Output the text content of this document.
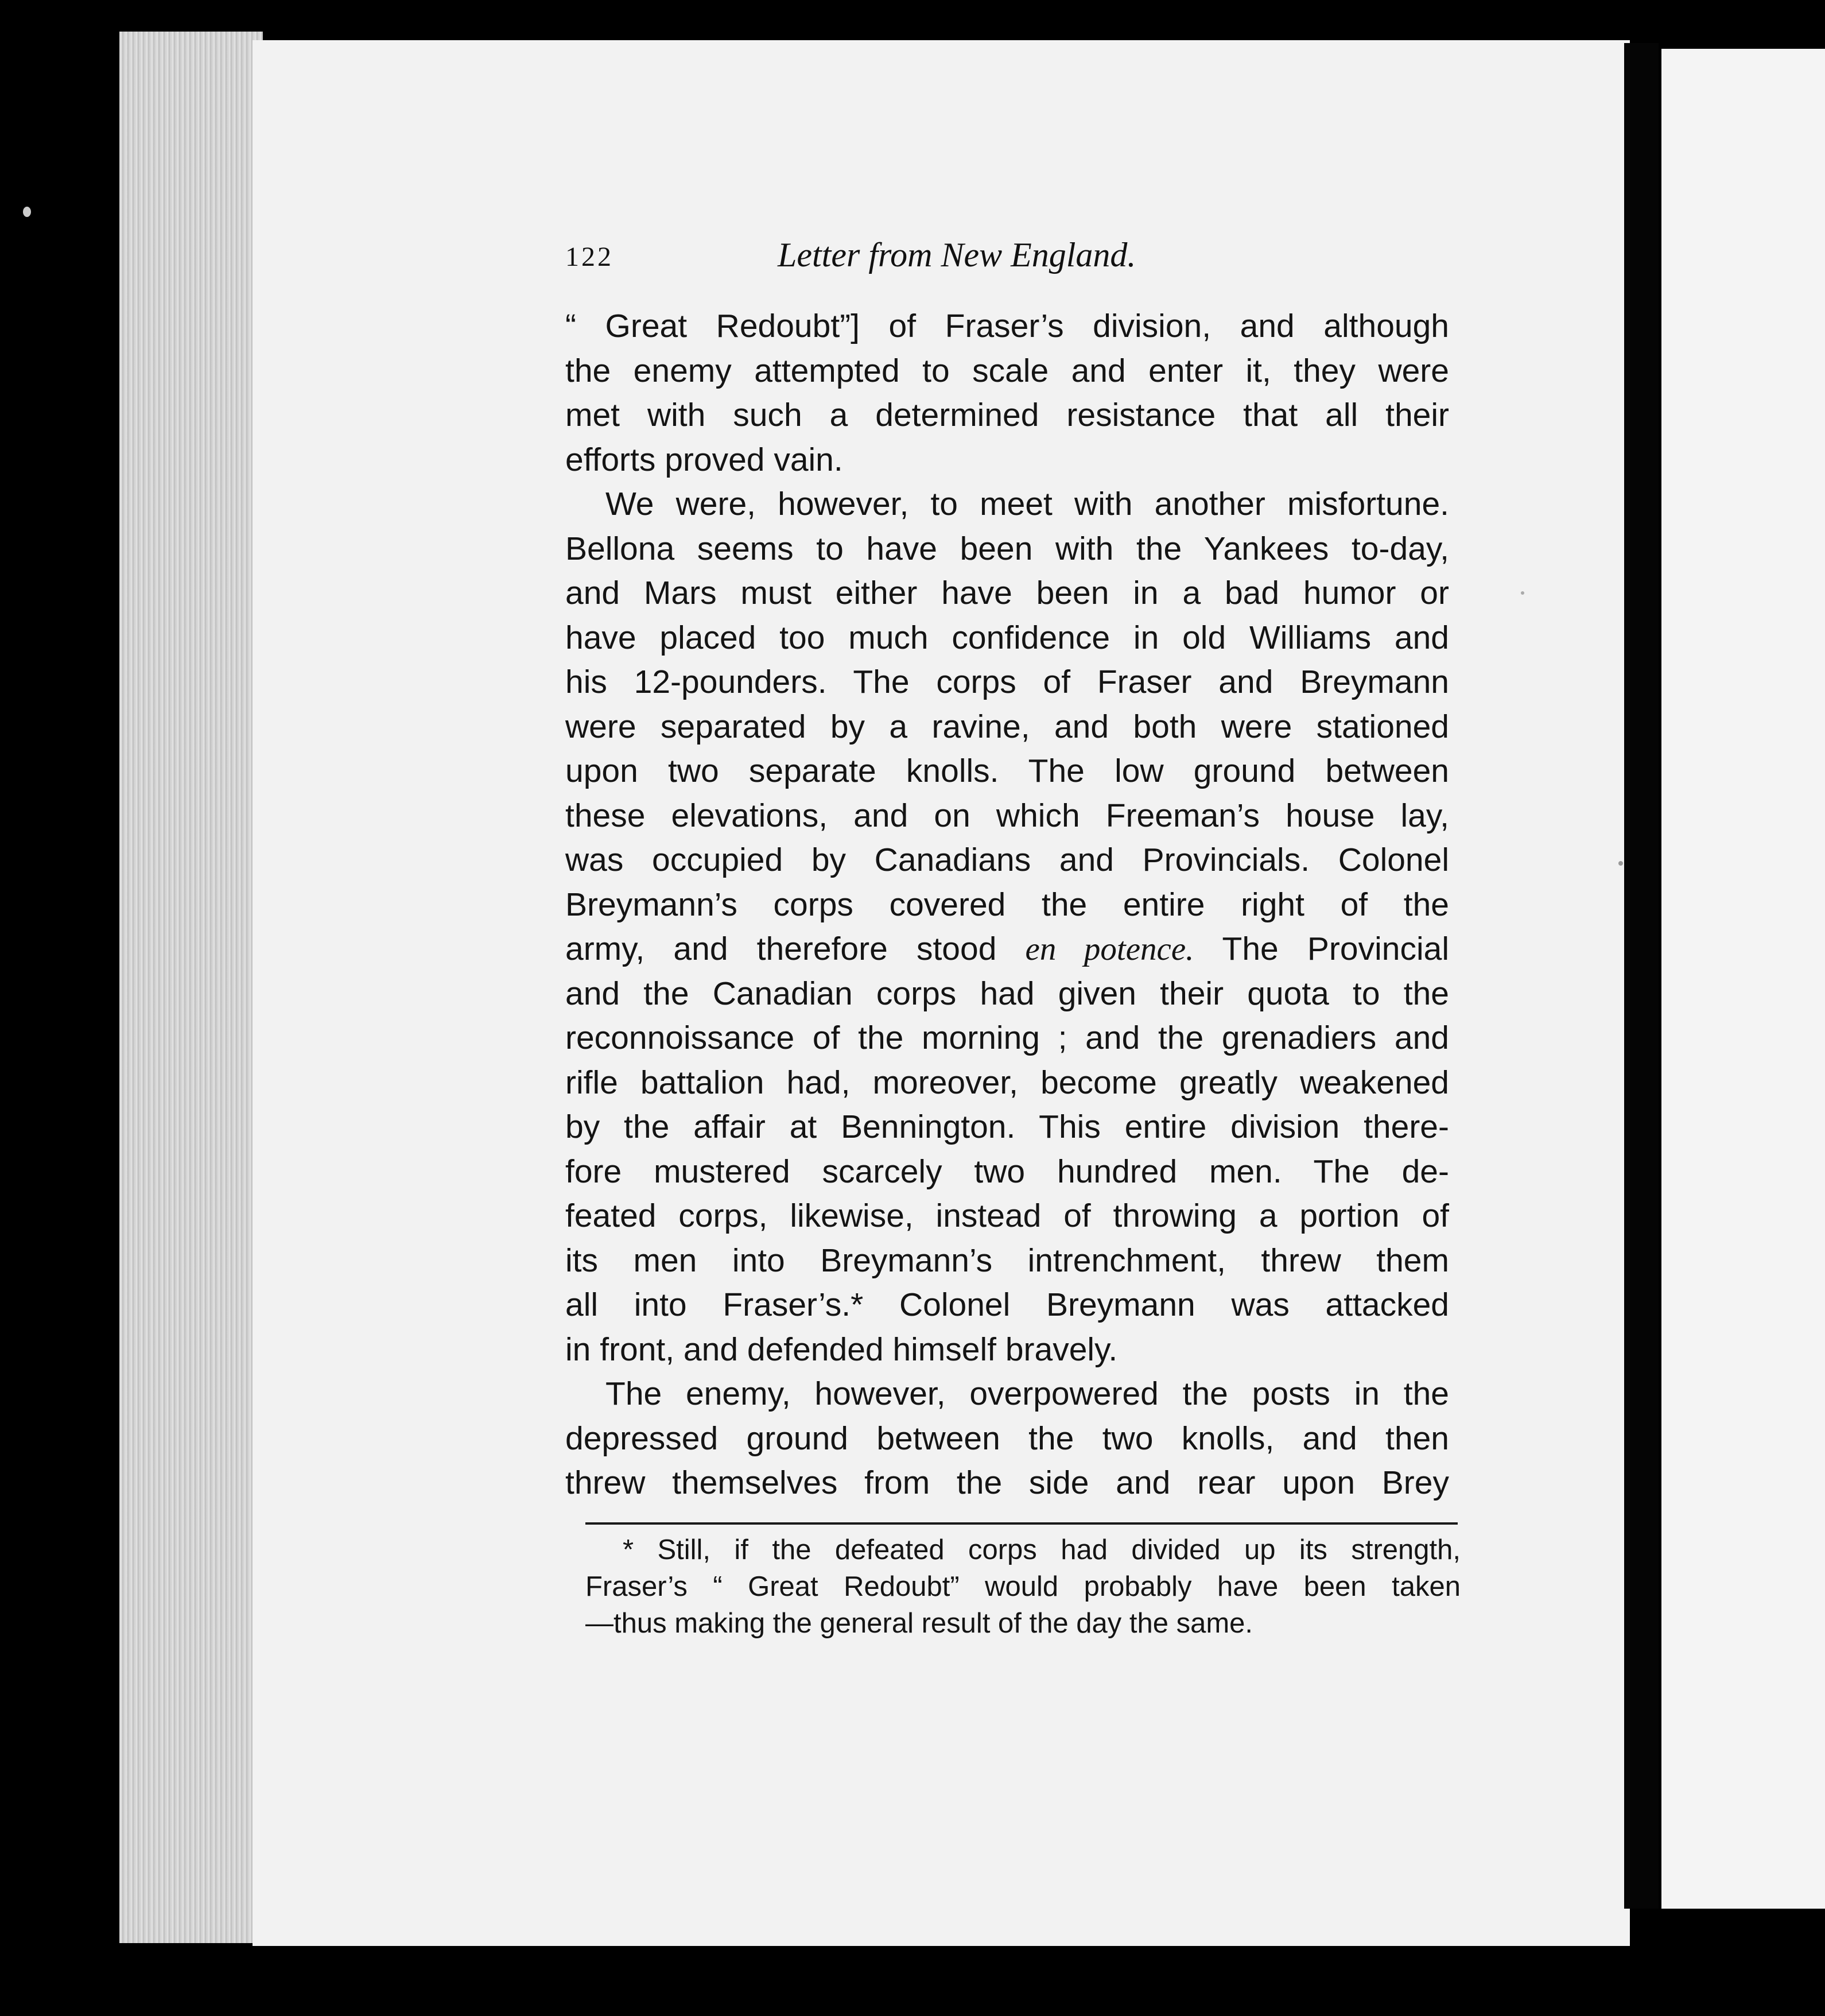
122	Letter from New England.
“ Great Redoubt”] of Fraser’s division, and although
the enemy attempted to scale and enter it, they were
met with such a determined resistance that all their
efforts proved vain.
We were, however, to meet with another misfortune.
Bellona seems to have been with the Yankees to-day,
and Mars must either have been in a bad humor or
have placed too much confidence in old Williams and
his 12-pounders. The corps of Fraser and Breymann
were separated by a ravine, and both were stationed
upon two separate knolls. The low ground between
these elevations, and on which Freeman’s house lay,
was occupied by Canadians and Provincials. Colonel
Breymann’s corps covered the entire right of the
army, and therefore stood en potence. The Provincial
and the Canadian corps had given their quota to the
reconnoissance of the morning ; and the grenadiers and
rifle battalion had, moreover, become greatly weakened
by the affair at Bennington. This entire division there-
fore mustered scarcely two hundred men. The de-
feated corps, likewise, instead of throwing a portion of
its men into Breymann’s intrenchment, threw them
all into Fraser’s.* Colonel Breymann was attacked
in front, and defended himself bravely.
The enemy, however, overpowered the posts in the
depressed ground between the two knolls, and then
threw themselves from the side and rear upon Brey
* Still, if the defeated corps had divided up its strength,
Fraser’s “ Great Redoubt” would probably have been taken
—thus making the general result of the day the same.
